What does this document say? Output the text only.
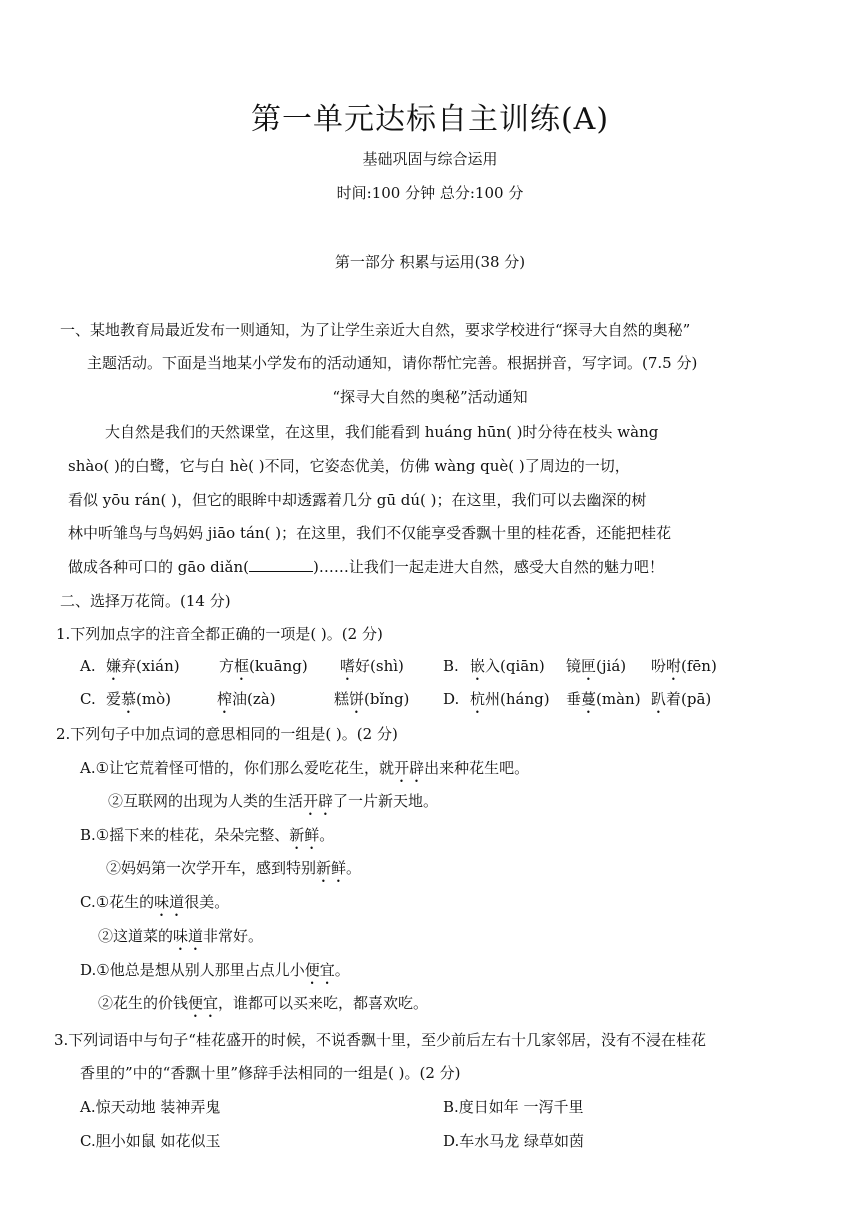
第一单元达标自主训练(A)
基础巩固与综合运用
时间:100 分钟 总分:100 分
第一部分 积累与运用(38 分)
一、某地教育局最近发布一则通知，为了让学生亲近大自然，要求学校进行“探寻大自然的奥秘”
主题活动。下面是当地某小学发布的活动通知，请你帮忙完善。根据拼音，写字词。(7.5 分)
“探寻大自然的奥秘”活动通知
大自然是我们的天然课堂，在这里，我们能看到 huáng hūn( )时分待在枝头 wàng
shào( )的白鹭，它与白 hè( )不同，它姿态优美，仿佛 wàng què( )了周边的一切，
看似 yōu rán( )，但它的眼眸中却透露着几分 gū dú( )；在这里，我们可以去幽深的树
林中听雏鸟与鸟妈妈 jiāo tán( )；在这里，我们不仅能享受香飘十里的桂花香，还能把桂花
做成各种可口的 gāo diǎn(	)……让我们一起走进大自然，感受大自然的魅力吧！
二、选择万花筒。(14 分)
1.下列加点字的注音全都正确的一项是( )。(2 分)
A. 嫌弃(xián)	方框(kuāng) 嗜好(shì)	B. 嵌入(qiān) 镜匣(jiá) 吩咐(fēn)
C. 爱慕(mò)	榨油(zà)	糕饼(bǐng) D. 杭州(háng) 垂蔓(màn) 趴着(pā)
2.下列句子中加点词的意思相同的一组是( )。(2 分)
A.①让它荒着怪可惜的，你们那么爱吃花生，就开辟出来种花生吧。
②互联网的出现为人类的生活开辟了一片新天地。
B.①摇下来的桂花，朵朵完整、新鲜。
②妈妈第一次学开车，感到特别新鲜。
C.①花生的味道很美。
②这道菜的味道非常好。
D.①他总是想从别人那里占点儿小便宜。
②花生的价钱便宜，谁都可以买来吃，都喜欢吃。
3.下列词语中与句子“桂花盛开的时候，不说香飘十里，至少前后左右十几家邻居，没有不浸在桂花
香里的”中的“香飘十里”修辞手法相同的一组是( )。(2 分)
A.惊天动地 装神弄鬼	B.度日如年 一泻千里
C.胆小如鼠 如花似玉	D.车水马龙 绿草如茵
